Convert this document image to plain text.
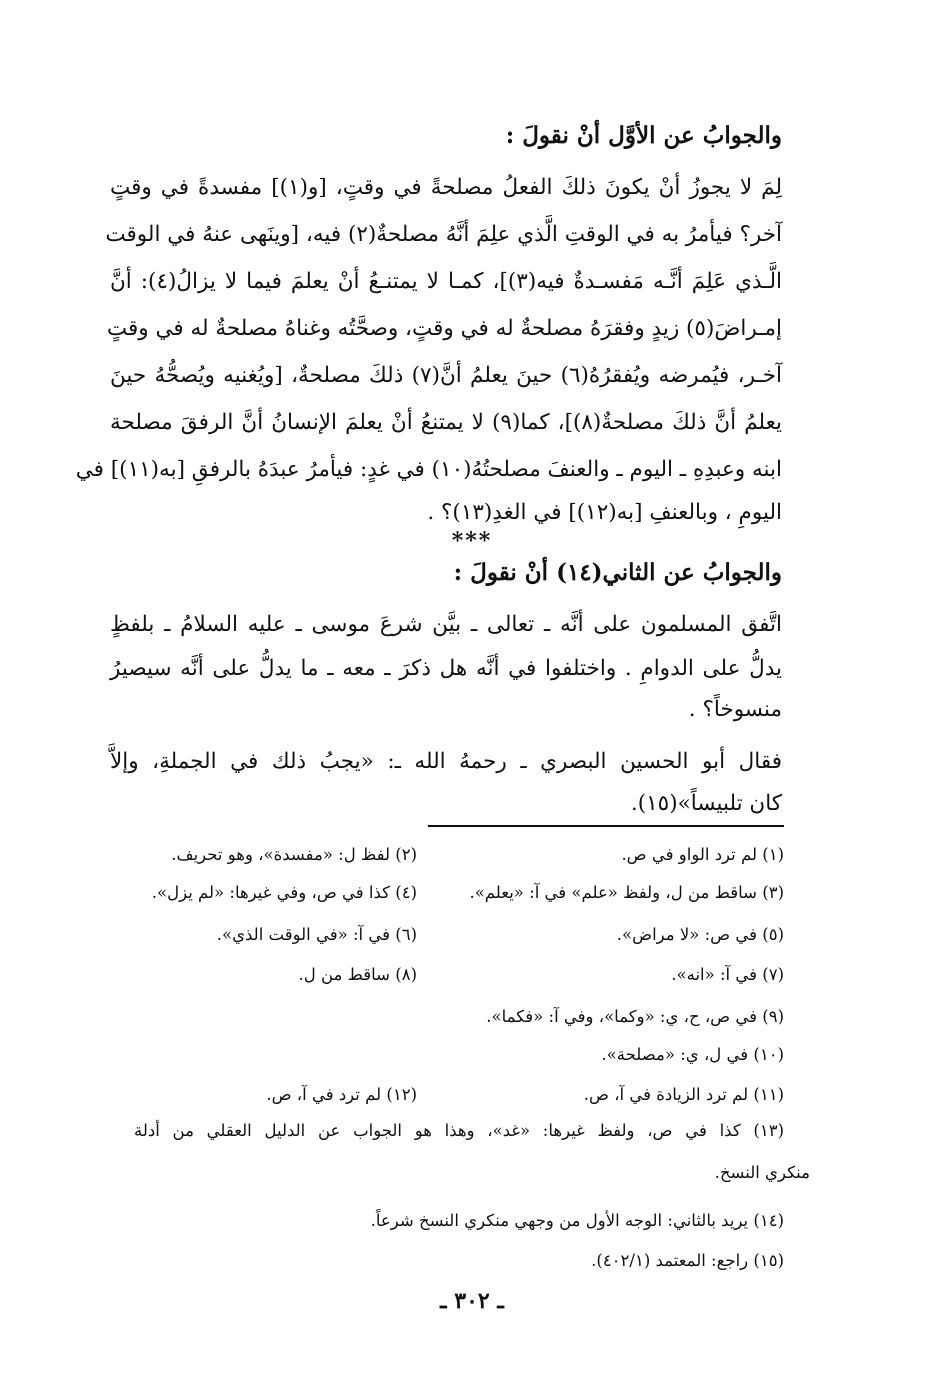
والجوابُ عن الأوَّل أنْ نقولَ :
لِمَ لا يجوزُ أنْ يكونَ ذلكَ الفعلُ مصلحةً في وقتٍ، [و(١)] مفسدةً في وقتٍ
آخر؟ فيأمرُ به في الوقتِ الَّذي علِمَ أنَّهُ مصلحةٌ(٢) فيه، [وينَهى عنهُ في الوقت
الَّـذي عَلِمَ أنَّـه مَفسـدةٌ فيه(٣)]، كمـا لا يمتنـعُ أنْ يعلمَ فيما لا يزالُ(٤): أنَّ
إمـراضَ(٥) زيدٍ وفقرَهُ مصلحةٌ له في وقتٍ، وصحَّتُه وغناهُ مصلحةٌ له في وقتٍ
آخـر، فيُمرضه ويُفقرُهُ(٦) حينَ يعلمُ أنَّ(٧) ذلكَ مصلحةٌ، [ويُغنيه ويُصحُّهُ حينَ
يعلمُ أنَّ ذلكَ مصلحةٌ(٨)]، كما(٩) لا يمتنعُ أنْ يعلمَ الإنسانُ أنَّ الرفقَ مصلحة
ابنه وعبدِهِ ـ اليوم ـ والعنفَ مصلحتُهُ(١٠) في غدٍ: فيأمرُ عبدَهُ بالرفقِ [به(١١)] في
اليومِ ، وبالعنفِ [به(١٢)] في الغدِ(١٣)؟ .
***
والجوابُ عن الثاني(١٤) أنْ نقولَ :
اتَّفق المسلمون على أنَّه ـ تعالى ـ بيَّن شرعَ موسى ـ عليه السلامُ ـ بلفظٍ
يدلُّ على الدوامِ . واختلفوا في أنَّه هل ذكرَ ـ معه ـ ما يدلُّ على أنَّه سيصيرُ
منسوخاً؟ .
فقال أبو الحسين البصري ـ رحمهُ الله ـ: «يجبُ ذلك في الجملةِ، وإلاَّ
كان تلبيساً»(١٥).
(١) لم ترد الواو في ص.
(٢) لفظ ل: «مفسدة»، وهو تحريف.
(٣) ساقط من ل، ولفظ «علم» في آ: «يعلم».
(٤) كذا في ص، وفي غيرها: «لم يزل».
(٥) في ص: «لا مراض».
(٦) في آ: «في الوقت الذي».
(٧) في آ: «انه».
(٨) ساقط من ل.
(٩) في ص، ح، ي: «وكما»، وفي آ: «فكما».
(١٠) في ل، ي: «مصلحة».
(١١) لم ترد الزيادة في آ، ص.
(١٢) لم ترد في آ، ص.
(١٣) كذا في ص، ولفظ غيرها: «غد»، وهذا هو الجواب عن الدليل العقلي من أدلة
منكري النسخ.
(١٤) يريد بالثاني: الوجه الأول من وجهي منكري النسخ شرعاً.
(١٥) راجع: المعتمد (٤٠٢/١).
ـ ٣٠٢ ـ
